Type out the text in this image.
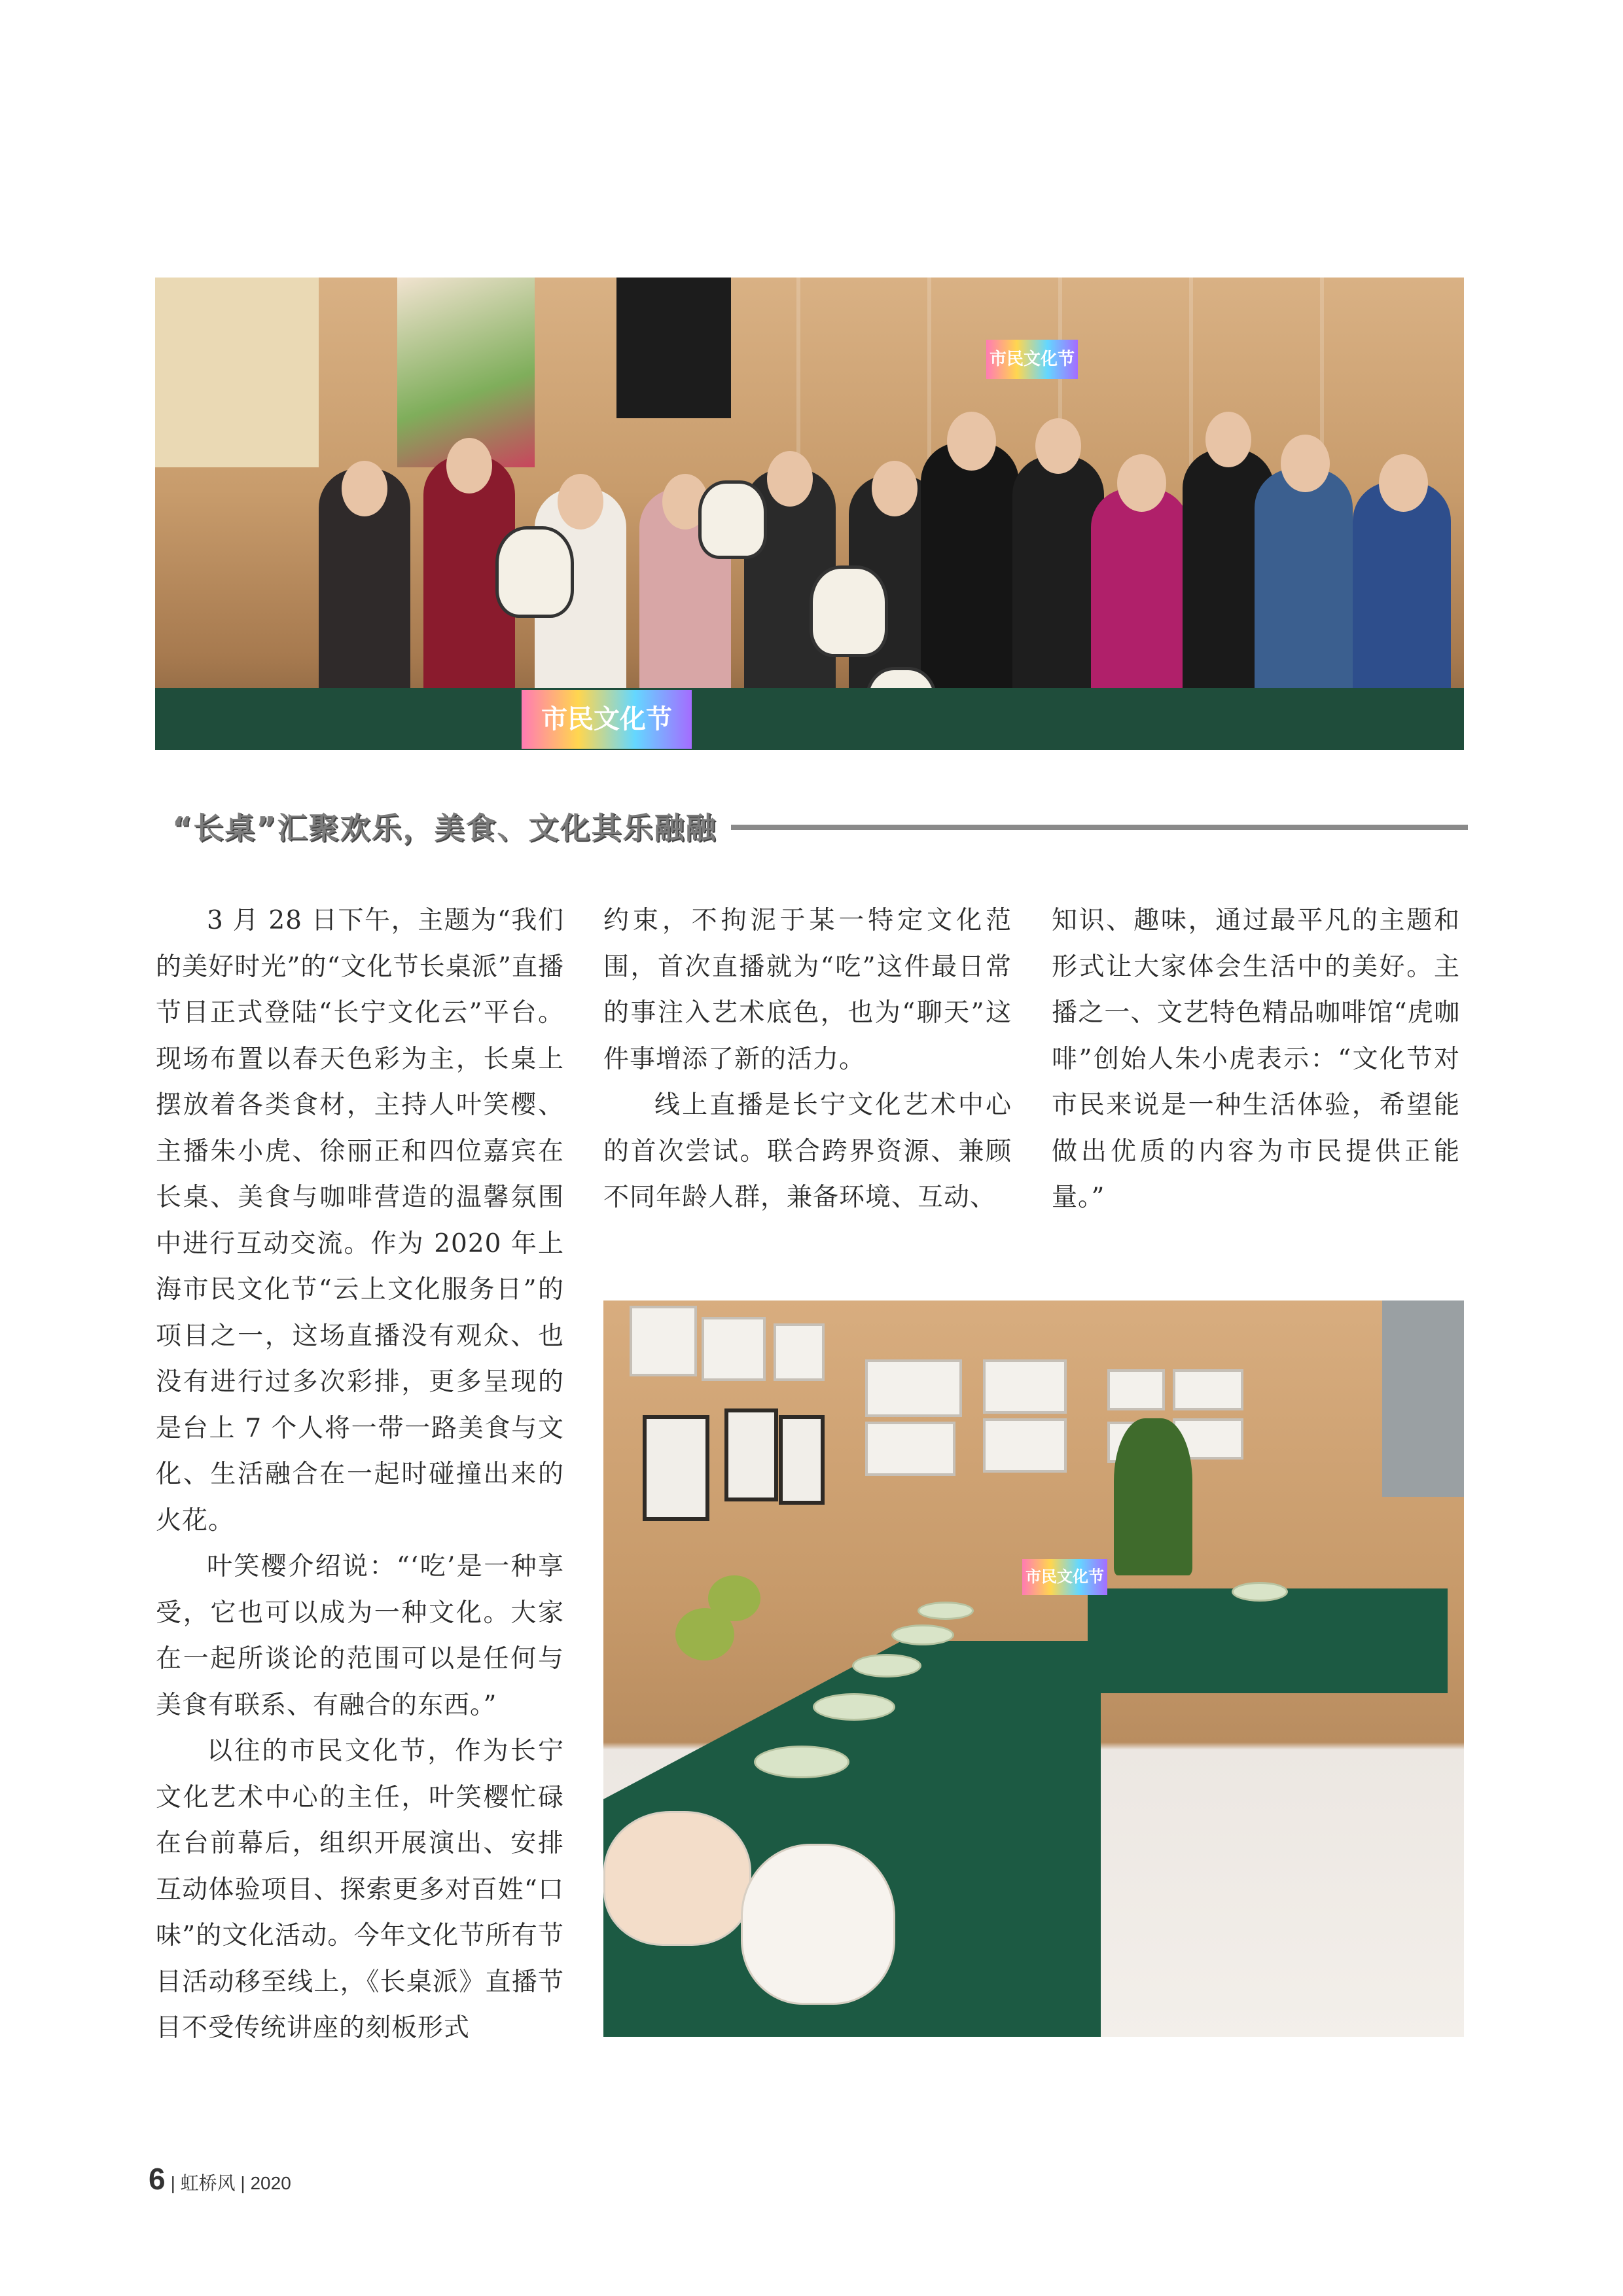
市民文化节
市民文化节
“长桌”汇聚欢乐，美食、文化其乐融融

3 月 28 日下午，主题为“我们的美好时光”的“文化节长桌派”直播节目正式登陆“长宁文化云”平台。现场布置以春天色彩为主，长桌上摆放着各类食材，主持人叶笑樱、主播朱小虎、徐丽正和四位嘉宾在长桌、美食与咖啡营造的温馨氛围中进行互动交流。作为 2020 年上海市民文化节“云上文化服务日”的项目之一，这场直播没有观众、也没有进行过多次彩排，更多呈现的是台上 7 个人将一带一路美食与文化、生活融合在一起时碰撞出来的火花。

叶笑樱介绍说：“‘吃’是一种享受，它也可以成为一种文化。大家在一起所谈论的范围可以是任何与美食有联系、有融合的东西。”

以往的市民文化节，作为长宁文化艺术中心的主任，叶笑樱忙碌在台前幕后，组织开展演出、安排互动体验项目、探索更多对百姓“口味”的文化活动。今年文化节所有节目活动移至线上，《长桌派》直播节目不受传统讲座的刻板形式

约束，不拘泥于某一特定文化范围，首次直播就为“吃”这件最日常的事注入艺术底色，也为“聊天”这件事增添了新的活力。

线上直播是长宁文化艺术中心的首次尝试。联合跨界资源、兼顾不同年龄人群，兼备环境、互动、

知识、趣味，通过最平凡的主题和形式让大家体会生活中的美好。主播之一、文艺特色精品咖啡馆“虎咖啡”创始人朱小虎表示：“文化节对市民来说是一种生活体验，希望能做出优质的内容为市民提供正能量。”

市民文化节
6 | 虹桥风 | 2020
